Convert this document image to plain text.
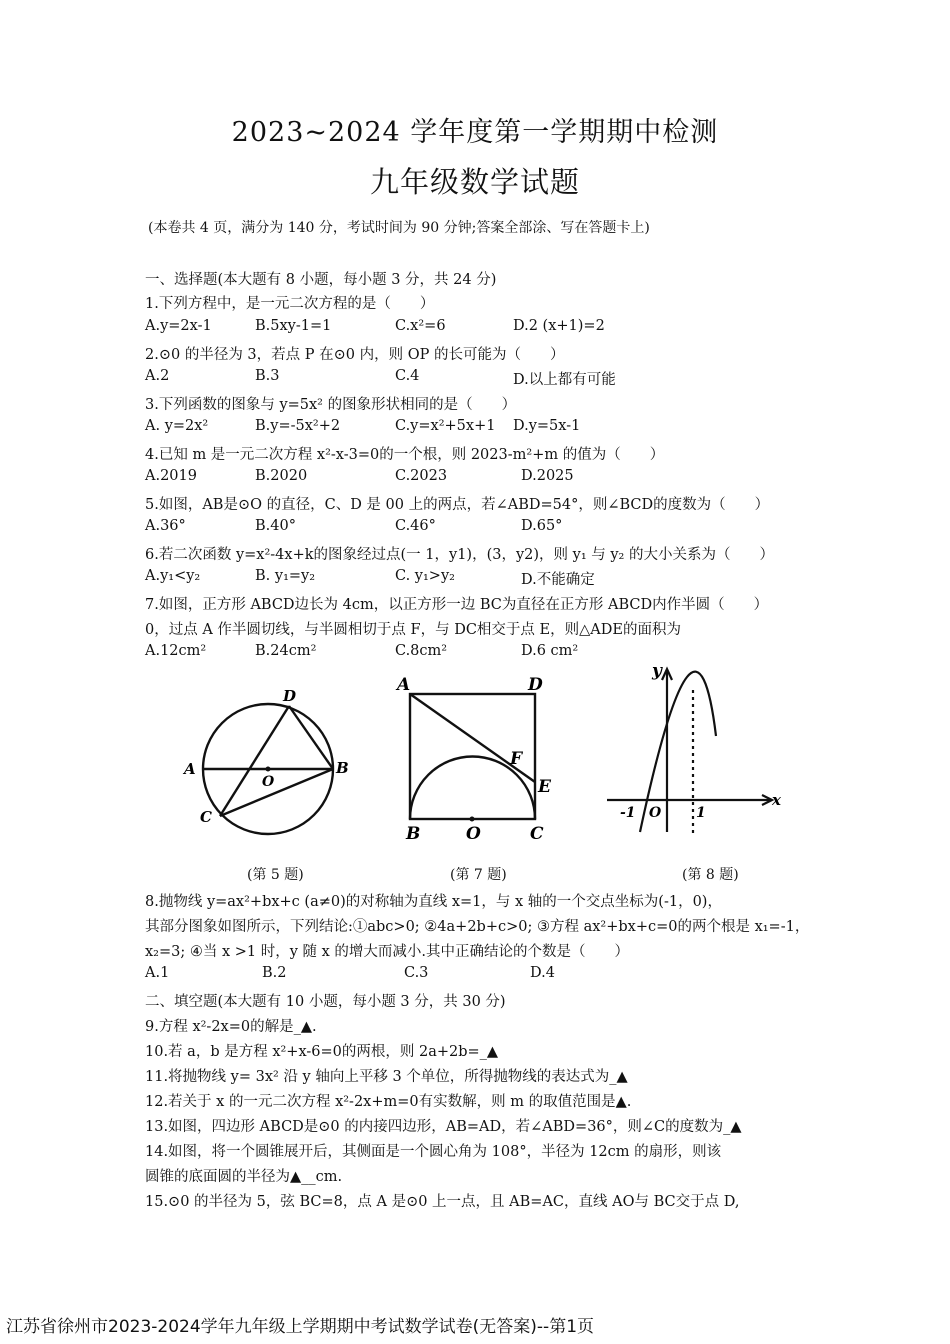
2023~2024 学年度第一学期期中检测
九年级数学试题
(本卷共 4 页，满分为 140 分，考试时间为 90 分钟;答案全部涂、写在答题卡上)
一、选择题(本大题有 8 小题，每小题 3 分，共 24 分)
1.下列方程中，是一元二次方程的是（　　）
A.y=2x-1	B.5xy-1=1	C.x²=6	D.2 (x+1)=2
2.⊙0 的半径为 3，若点 P 在⊙0 内，则 OP 的长可能为（　　）
A.2	B.3	C.4	D.以上都有可能
3.下列函数的图象与 y=5x² 的图象形状相同的是（　　）
A. y=2x²	B.y=-5x²+2	C.y=x²+5x+1 D.y=5x-1
4.已知 m 是一元二次方程 x²-x-3=0的一个根，则 2023-m²+m 的值为（　　）
A.2019	B.2020	C.2023	D.2025
5.如图，AB是⊙O 的直径，C、D 是 00 上的两点，若∠ABD=54°，则∠BCD的度数为（　　）
A.36°	B.40°	C.46°	D.65°
6.若二次函数 y=x²-4x+k的图象经过点(一 1，y1)，(3，y2)，则 y₁ 与 y₂ 的大小关系为（　　）
A.y₁<y₂	B. y₁=y₂	C. y₁>y₂	D.不能确定
7.如图，正方形 ABCD边长为 4cm，以正方形一边 BC为直径在正方形 ABCD内作半圆（　　）
0，过点 A 作半圆切线，与半圆相切于点 F，与 DC相交于点 E，则△ADE的面积为
A.12cm²	B.24cm²	C.8cm²	D.6 cm²
A	B
C
D
O
A	D
B	O	C
F
E
y
x
-1 O 1
(第 5 题)	(第 7 题)	(第 8 题)
8.抛物线 y=ax²+bx+c (a≠0)的对称轴为直线 x=1，与 x 轴的一个交点坐标为(-1，0)，
其部分图象如图所示，下列结论:①abc>0; ②4a+2b+c>0; ③方程 ax²+bx+c=0的两个根是 x₁=-1，
x₂=3; ④当 x >1 时，y 随 x 的增大而减小.其中正确结论的个数是（　　）
A.1	B.2	C.3	D.4
二、填空题(本大题有 10 小题，每小题 3 分，共 30 分)
9.方程 x²-2x=0的解是_▲.
10.若 a，b 是方程 x²+x-6=0的两根，则 2a+2b=_▲
11.将抛物线 y= 3x² 沿 y 轴向上平移 3 个单位，所得抛物线的表达式为_▲
12.若关于 x 的一元二次方程 x²-2x+m=0有实数解，则 m 的取值范围是▲.
13.如图，四边形 ABCD是⊙0 的内接四边形，AB=AD，若∠ABD=36°，则∠C的度数为_▲
14.如图，将一个圆锥展开后，其侧面是一个圆心角为 108°，半径为 12cm 的扇形，则该
圆锥的底面圆的半径为▲__cm.
15.⊙0 的半径为 5，弦 BC=8，点 A 是⊙0 上一点，且 AB=AC，直线 AO与 BC交于点 D,
江苏省徐州市2023-2024学年九年级上学期期中考试数学试卷(无答案)--第1页
